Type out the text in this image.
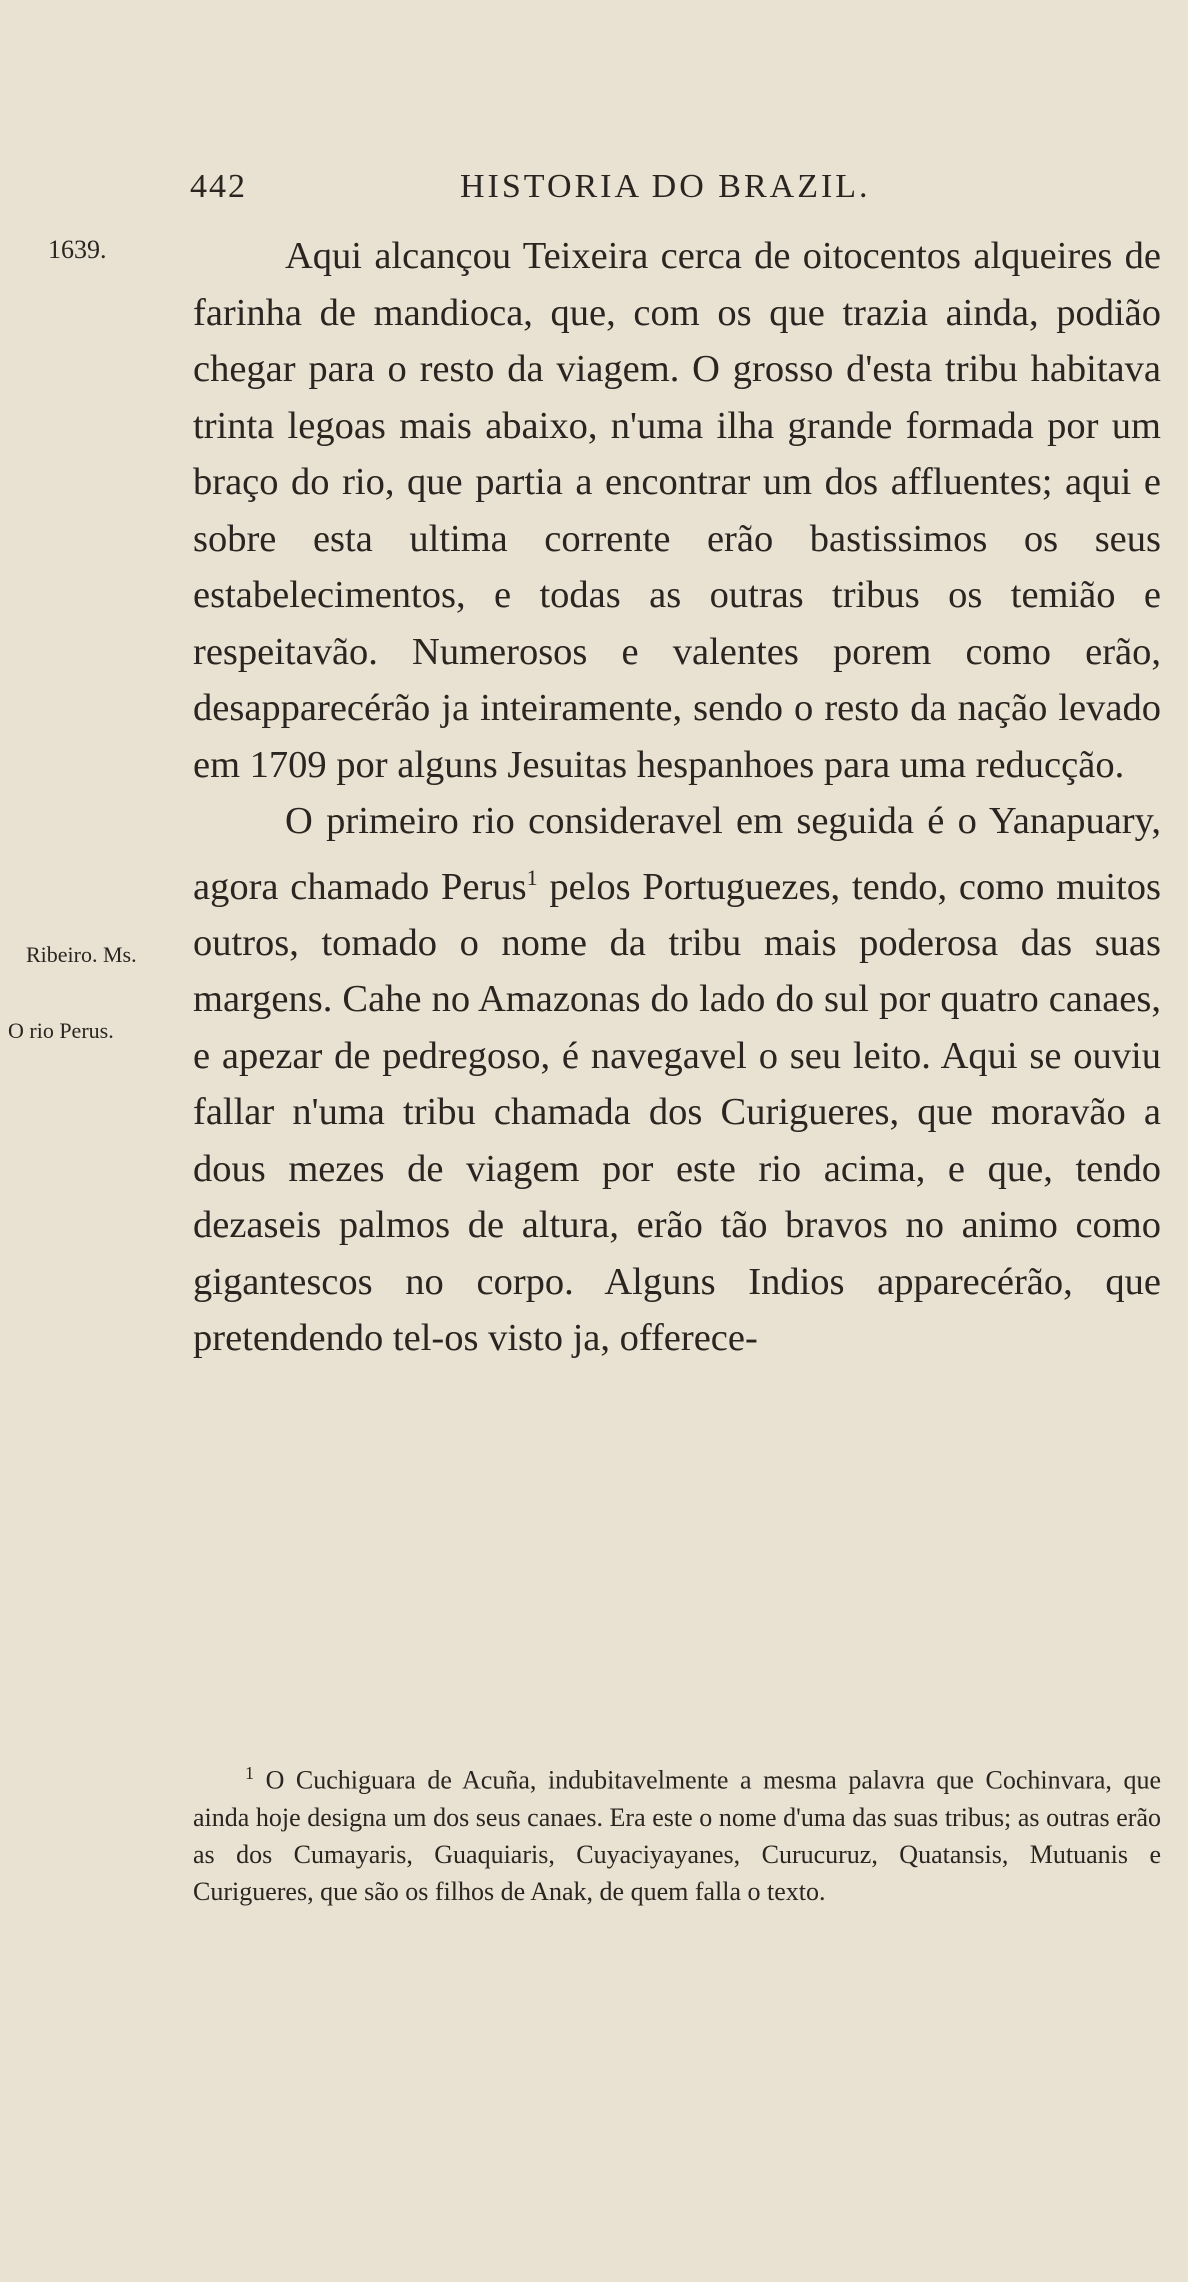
442	HISTORIA DO BRAZIL.
1639.
Ribeiro. Ms.
O rio Perus.

Aqui alcançou Teixeira cerca de oitocentos alqueires de farinha de mandioca, que, com os que trazia ainda, podião chegar para o resto da viagem. O grosso d'esta tribu habitava trinta legoas mais abaixo, n'uma ilha grande formada por um braço do rio, que partia a encontrar um dos affluentes; aqui e sobre esta ultima corrente erão bastissimos os seus estabelecimentos, e todas as outras tribus os temião e respeitavão. Numerosos e valentes porem como erão, desapparecérão ja inteiramente, sendo o resto da nação levado em 1709 por alguns Jesuitas hespanhoes para uma reducção.

O primeiro rio consideravel em seguida é o Yanapuary, agora chamado Perus$^1$ pelos Portuguezes, tendo, como muitos outros, tomado o nome da tribu mais poderosa das suas margens. Cahe no Amazonas do lado do sul por quatro canaes, e apezar de pedregoso, é navegavel o seu leito. Aqui se ouviu fallar n'uma tribu chamada dos Curigueres, que moravão a dous mezes de viagem por este rio acima, e que, tendo dezaseis palmos de altura, erão tão bravos no animo como gigantescos no corpo. Alguns Indios apparecérão, que pretendendo tel-os visto ja, offerece-

$^1$ O Cuchiguara de Acuña, indubitavelmente a mesma palavra que Cochinvara, que ainda hoje designa um dos seus canaes. Era este o nome d'uma das suas tribus; as outras erão as dos Cumayaris, Guaquiaris, Cuyaciyayanes, Curucuruz, Quatansis, Mutuanis e Curigueres, que são os filhos de Anak, de quem falla o texto.
